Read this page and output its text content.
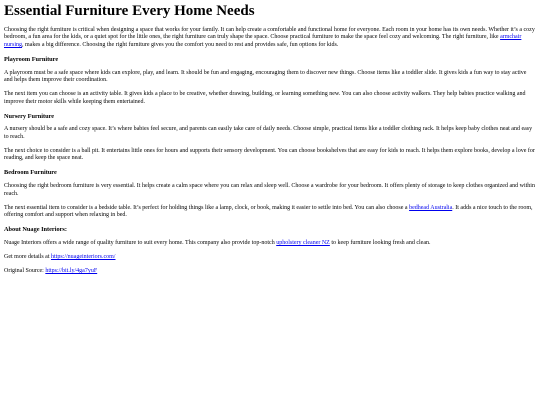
Essential Furniture Every Home Needs

Choosing the right furniture is critical when designing a space that works for your family. It can help create a comfortable and functional home for everyone. Each room in your home has its own needs. Whether it’s a cozy bedroom, a fun area for the kids, or a quiet spot for the little ones, the right furniture can truly shape the space. Choose practical furniture to make the space feel cozy and welcoming. The right furniture, like armchair nursing, makes a big difference. Choosing the right furniture gives you the comfort you need to rest and provides safe, fun options for kids.

Playroom Furniture

A playroom must be a safe space where kids can explore, play, and learn. It should be fun and engaging, encouraging them to discover new things. Choose items like a toddler slide. It gives kids a fun way to stay active and helps them improve their coordination.

The next item you can choose is an activity table. It gives kids a place to be creative, whether drawing, building, or learning something new. You can also choose activity walkers. They help babies practice walking and improve their motor skills while keeping them entertained.

Nursery Furniture

A nursery should be a safe and cozy space. It’s where babies feel secure, and parents can easily take care of daily needs. Choose simple, practical items like a toddler clothing rack. It helps keep baby clothes neat and easy to reach.

The next choice to consider is a ball pit. It entertains little ones for hours and supports their sensory development. You can choose bookshelves that are easy for kids to reach. It helps them explore books, develop a love for reading, and keep the space neat.

Bedroom Furniture

Choosing the right bedroom furniture is very essential. It helps create a calm space where you can relax and sleep well. Choose a wardrobe for your bedroom. It offers plenty of storage to keep clothes organized and within reach.

The next essential item to consider is a bedside table. It’s perfect for holding things like a lamp, clock, or book, making it easier to settle into bed. You can also choose a bedhead Australia. It adds a nice touch to the room, offering comfort and support when relaxing in bed.

About Nuage Interiors:

Nuage Interiors offers a wide range of quality furniture to suit every home. This company also provide top-notch upholstery cleaner NZ to keep furniture looking fresh and clean.

Get more details at https://nuageinteriors.com/

Original Source: https://bit.ly/4ga7yuF
